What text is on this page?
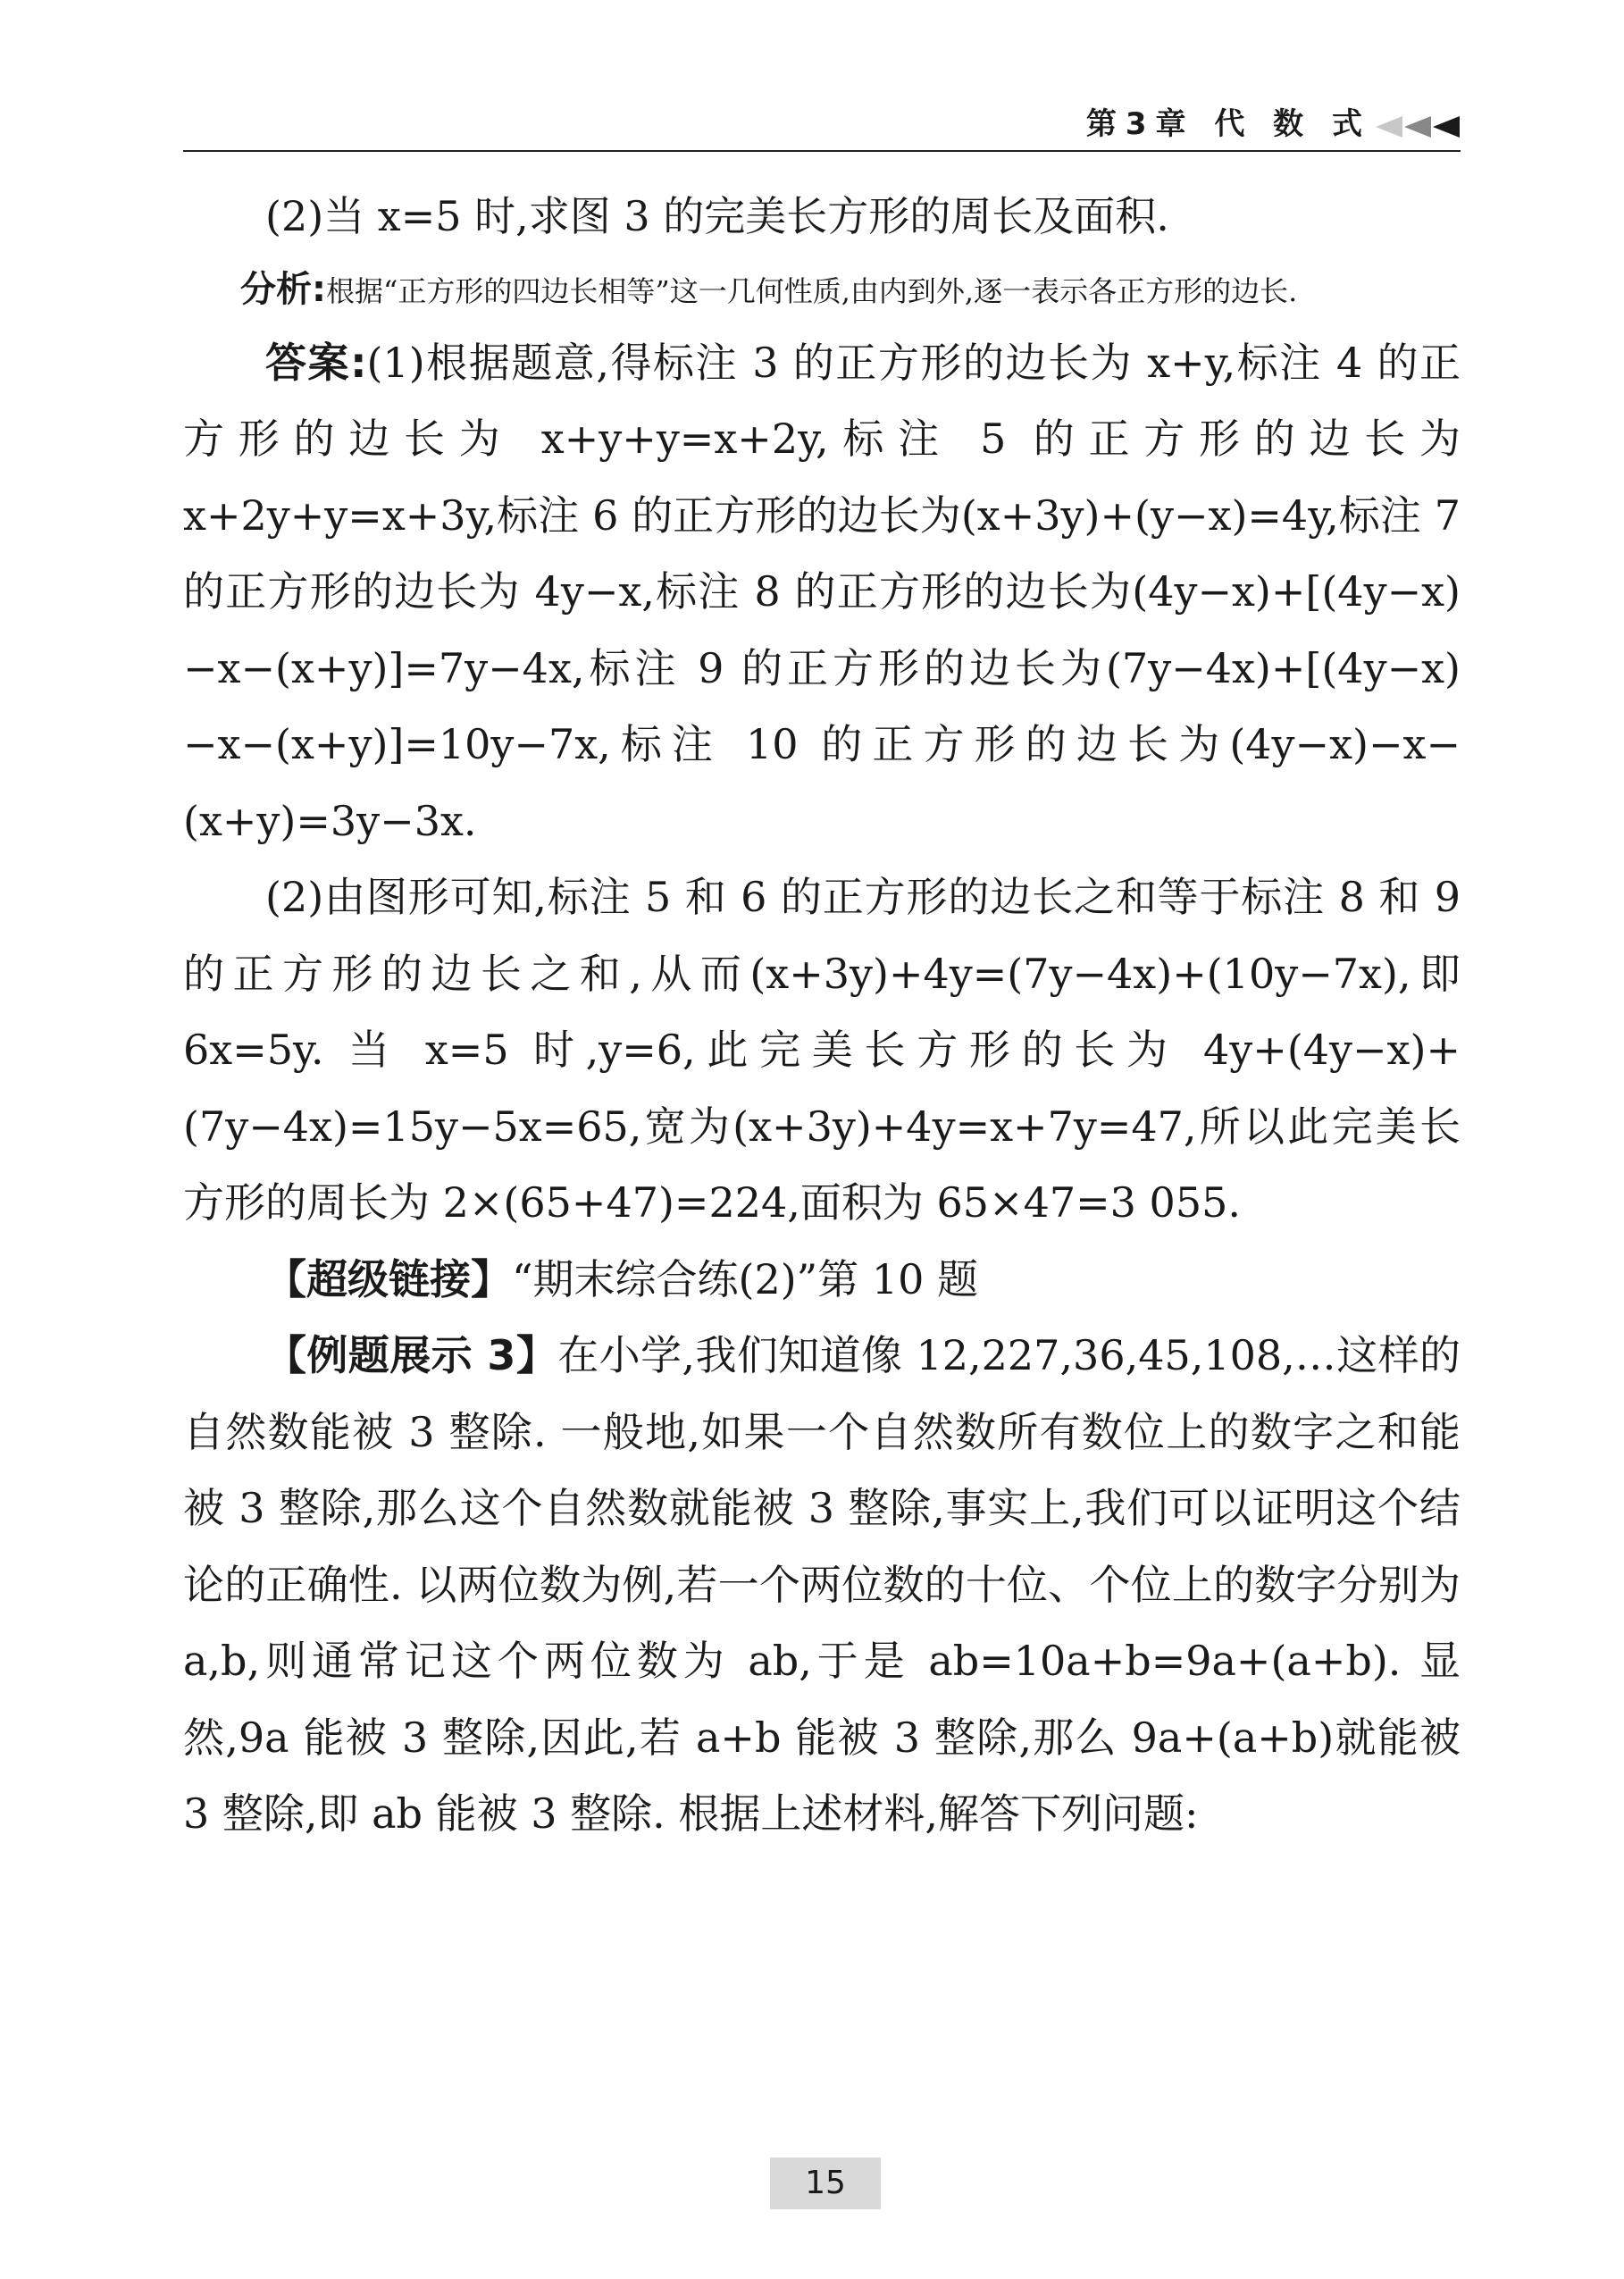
第3章 代 数 式

(2)当 x=5 时,求图 3 的完美长方形的周长及面积.

分析:根据“正方形的四边长相等”这一几何性质,由内到外,逐一表示各正方形的边长.

答案:(1)根据题意,得标注 3 的正方形的边长为 x+y,标注 4 的正方形的边长为 x+y+y=x+2y,标注 5 的正方形的边长为 x+2y+y=x+3y,标注 6 的正方形的边长为(x+3y)+(y−x)=4y,标注 7 的正方形的边长为 4y−x,标注 8 的正方形的边长为(4y−x)+[(4y−x)−x−(x+y)]=7y−4x,标注 9 的正方形的边长为(7y−4x)+[(4y−x)−x−(x+y)]=10y−7x,标注 10 的正方形的边长为(4y−x)−x−(x+y)=3y−3x.

(2)由图形可知,标注 5 和 6 的正方形的边长之和等于标注 8 和 9 的正方形的边长之和,从而(x+3y)+4y=(7y−4x)+(10y−7x),即 6x=5y. 当 x=5 时,y=6,此完美长方形的长为 4y+(4y−x)+(7y−4x)=15y−5x=65,宽为(x+3y)+4y=x+7y=47,所以此完美长方形的周长为 2×(65+47)=224,面积为 65×47=3 055.

【超级链接】“期末综合练(2)”第 10 题

【例题展示 3】在小学,我们知道像 12,227,36,45,108,…这样的自然数能被 3 整除. 一般地,如果一个自然数所有数位上的数字之和能被 3 整除,那么这个自然数就能被 3 整除,事实上,我们可以证明这个结论的正确性. 以两位数为例,若一个两位数的十位、个位上的数字分别为 a,b,则通常记这个两位数为 ab,于是 ab=10a+b=9a+(a+b). 显然,9a 能被 3 整除,因此,若 a+b 能被 3 整除,那么 9a+(a+b)就能被 3 整除,即 ab 能被 3 整除. 根据上述材料,解答下列问题:

15
